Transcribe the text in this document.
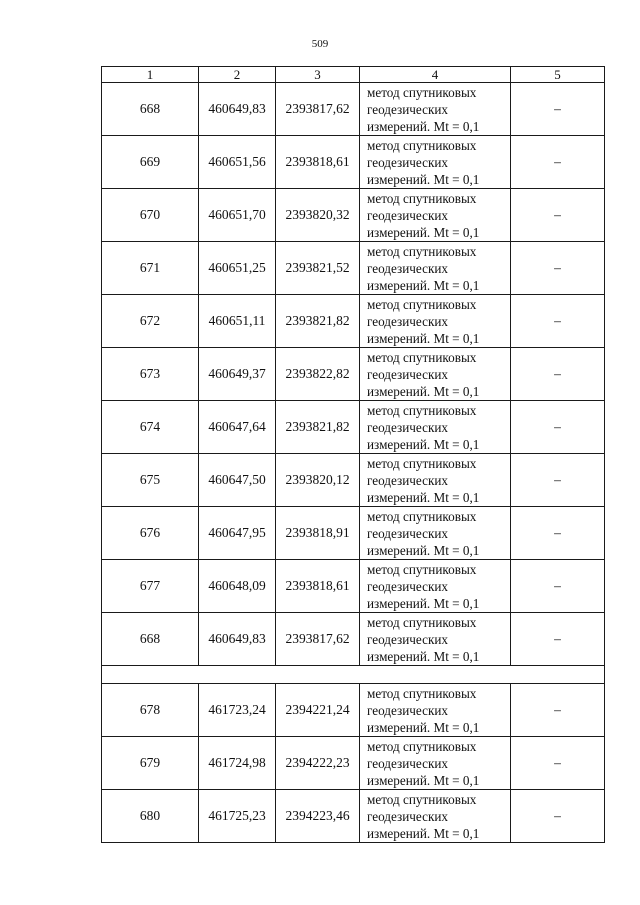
509
1	2	3	4	5
668	460649,83	2393817,62	метод спутниковых
геодезических
измерений. Mt = 0,1	–
669	460651,56	2393818,61	метод спутниковых
геодезических
измерений. Mt = 0,1	–
670	460651,70	2393820,32	метод спутниковых
геодезических
измерений. Mt = 0,1	–
671	460651,25	2393821,52	метод спутниковых
геодезических
измерений. Mt = 0,1	–
672	460651,11	2393821,82	метод спутниковых
геодезических
измерений. Mt = 0,1	–
673	460649,37	2393822,82	метод спутниковых
геодезических
измерений. Mt = 0,1	–
674	460647,64	2393821,82	метод спутниковых
геодезических
измерений. Mt = 0,1	–
675	460647,50	2393820,12	метод спутниковых
геодезических
измерений. Mt = 0,1	–
676	460647,95	2393818,91	метод спутниковых
геодезических
измерений. Mt = 0,1	–
677	460648,09	2393818,61	метод спутниковых
геодезических
измерений. Mt = 0,1	–
668	460649,83	2393817,62	метод спутниковых
геодезических
измерений. Mt = 0,1	–

678	461723,24	2394221,24	метод спутниковых
геодезических
измерений. Mt = 0,1	–
679	461724,98	2394222,23	метод спутниковых
геодезических
измерений. Mt = 0,1	–
680	461725,23	2394223,46	метод спутниковых
геодезических
измерений. Mt = 0,1	–
